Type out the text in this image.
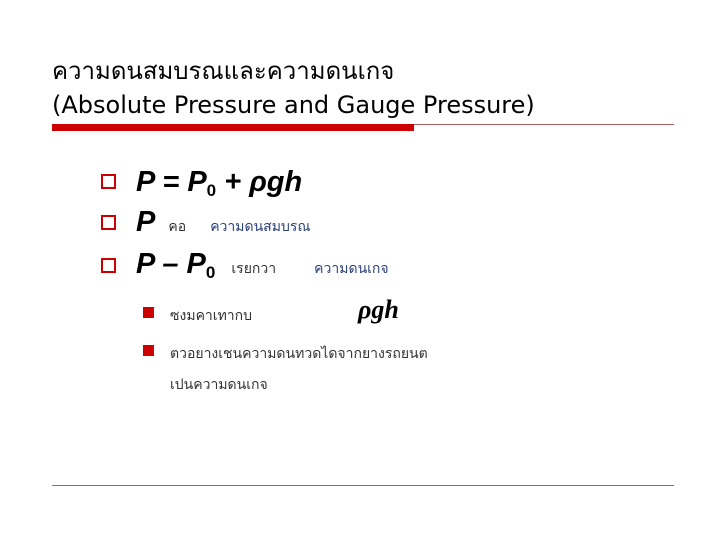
ความดนสมบรณและความดนเกจ
(Absolute Pressure and Gauge Pressure)
$P = P_0 + \rho gh$
P คอ ความดนสมบรณ
P – $P_0$ เรยกวา	ความดนเกจ
ซงมคาเทากบ	ρgh
ตวอยางเชนความดนทวดไดจากยางรถยนต
เปนความดนเกจ
